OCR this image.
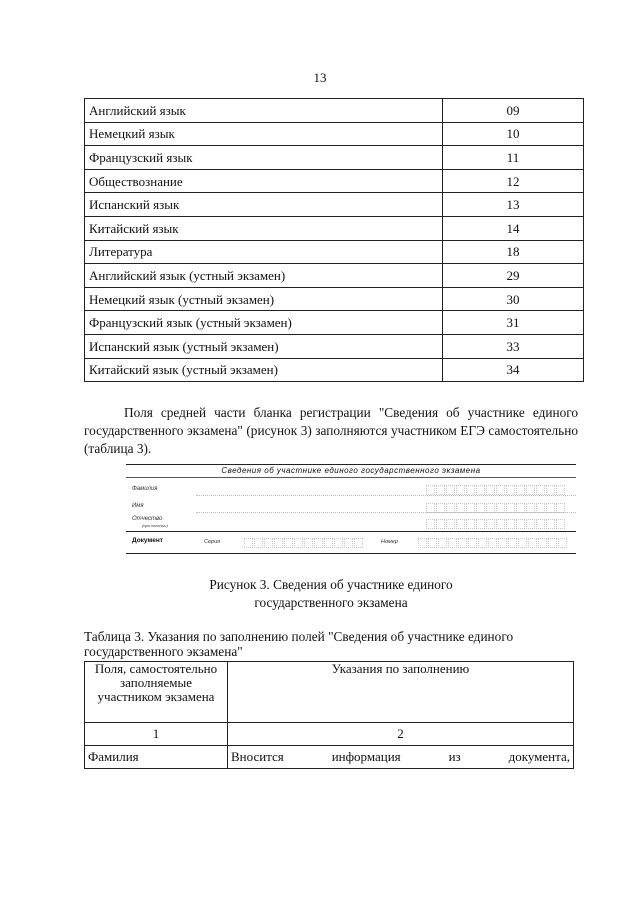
13
Английский язык	09
Немецкий язык	10
Французский язык	11
Обществознание	12
Испанский язык	13
Китайский язык	14
Литература	18
Английский язык (устный экзамен)	29
Немецкий язык (устный экзамен)	30
Французский язык (устный экзамен)	31
Испанский язык (устный экзамен)	33
Китайский язык (устный экзамен)	34
Поля средней части бланка регистрации "Сведения об участнике единого государственного экзамена" (рисунок 3) заполняются участником ЕГЭ самостоятельно (таблица 3).
Сведения об участнике единого государственного экзамена
Фамилия
Имя
Отчество
(при наличии)
Документ	Серия	Номер
Рисунок 3. Сведения об участнике единого
государственного экзамена
Таблица 3. Указания по заполнению полей "Сведения об участнике единого государственного экзамена"
Поля, самостоятельно заполняемые участником экзамена	Указания по заполнению
1	2
Фамилия	Вносится информация из документа,
